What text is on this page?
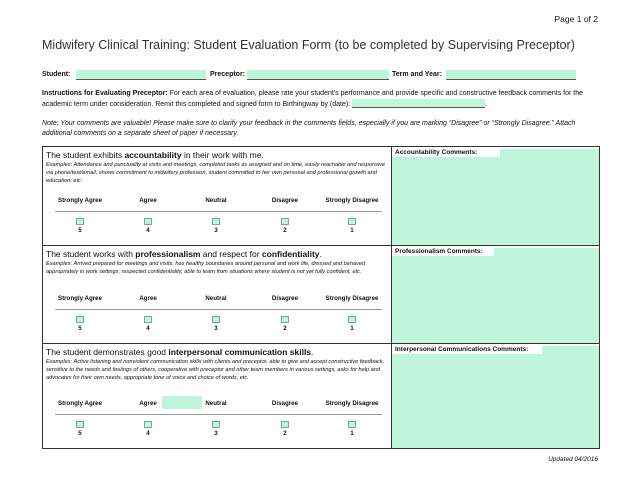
Page 1 of 2
Midwifery Clinical Training: Student Evaluation Form (to be completed by Supervising Preceptor)
Student:	Preceptor:	Term and Year:
Instructions for Evaluating Preceptor: For each area of evaluation, please rate your student's performance and provide specific and constructive feedback comments for the academic term under consideration. Remit this completed and signed form to Birthingway by (date):	.
Note: Your comments are valuable! Please make sure to clarify your feedback in the comments fields, especially if you are marking “Disagree” or “Strongly Disagree.” Attach additional comments on a separate sheet of paper if necessary.
The student exhibits accountability in their work with me.
Examples: Attendance and punctuality at visits and meetings, completed tasks as assigned and on time, easily reachable and responsive via phone/text/email, shows commitment to midwifery profession, student committed to her own personal and professional growth and education, etc.
Strongly Agree	Agree	Neutral	Disagree	Strongly Disagree
5	4	3	2	1
Accountability Comments:
The student works with professionalism and respect for confidentiality.
Examples: Arrived prepared for meetings and visits, has healthy boundaries around personal and work life, dressed and behaved appropriately in work settings, respected confidentiality, able to learn from situations where student is not yet fully confident, etc.
Strongly Agree	Agree	Neutral	Disagree	Strongly Disagree
5	4	3	2	1
Professionalism Comments:
The student demonstrates good interpersonal communication skills.
Examples: Active listening and nonviolent communication skills with clients and preceptor, able to give and accept constructive feedback, sensitive to the needs and feelings of others, cooperative with preceptor and other team members in various settings, asks for help and advocates for their own needs, appropriate tone of voice and choice of words, etc.
Strongly Agree	Agree	Neutral	Disagree	Strongly Disagree
5	4	3	2	1
Interpersonal Communications Comments:
Updated 04/2016
